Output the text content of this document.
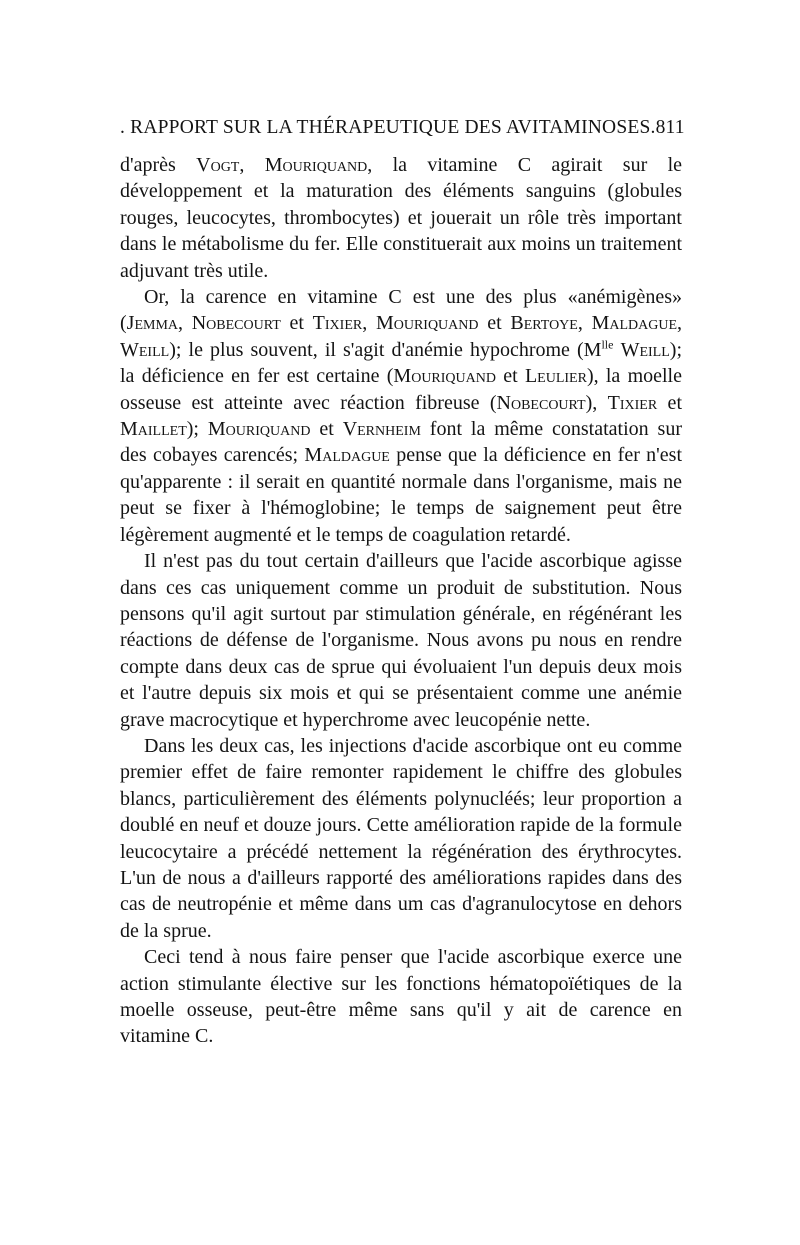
. RAPPORT SUR LA THÉRAPEUTIQUE DES AVITAMINOSES. 811

d'après Vogt, Mouriquand, la vitamine C agirait sur le développement et la maturation des éléments sanguins (globules rouges, leucocytes, thrombocytes) et jouerait un rôle très important dans le métabolisme du fer. Elle constituerait aux moins un traitement adjuvant très utile.

Or, la carence en vitamine C est une des plus «anémigènes» (Jemma, Nobecourt et Tixier, Mouriquand et Bertoye, Maldague, Weill); le plus souvent, il s'agit d'anémie hypochrome ($M^{lle}$ Weill); la déficience en fer est certaine (Mouriquand et Leulier), la moelle osseuse est atteinte avec réaction fibreuse (Nobecourt), Tixier et Maillet); Mouriquand et Vernheim font la même constatation sur des cobayes carencés; Maldague pense que la déficience en fer n'est qu'apparente : il serait en quantité normale dans l'organisme, mais ne peut se fixer à l'hémoglobine; le temps de saignement peut être légèrement augmenté et le temps de coagulation retardé.

Il n'est pas du tout certain d'ailleurs que l'acide ascorbique agisse dans ces cas uniquement comme un produit de substitution. Nous pensons qu'il agit surtout par stimulation générale, en régénérant les réactions de défense de l'organisme. Nous avons pu nous en rendre compte dans deux cas de sprue qui évoluaient l'un depuis deux mois et l'autre depuis six mois et qui se présentaient comme une anémie grave macrocytique et hyperchrome avec leucopénie nette.

Dans les deux cas, les injections d'acide ascorbique ont eu comme premier effet de faire remonter rapidement le chiffre des globules blancs, particulièrement des éléments polynucléés; leur proportion a doublé en neuf et douze jours. Cette amélioration rapide de la formule leucocytaire a précédé nettement la régénération des érythrocytes. L'un de nous a d'ailleurs rapporté des améliorations rapides dans des cas de neutropénie et même dans um cas d'agranulocytose en dehors de la sprue.

Ceci tend à nous faire penser que l'acide ascorbique exerce une action stimulante élective sur les fonctions hématopoïétiques de la moelle osseuse, peut-être même sans qu'il y ait de carence en vitamine C.
